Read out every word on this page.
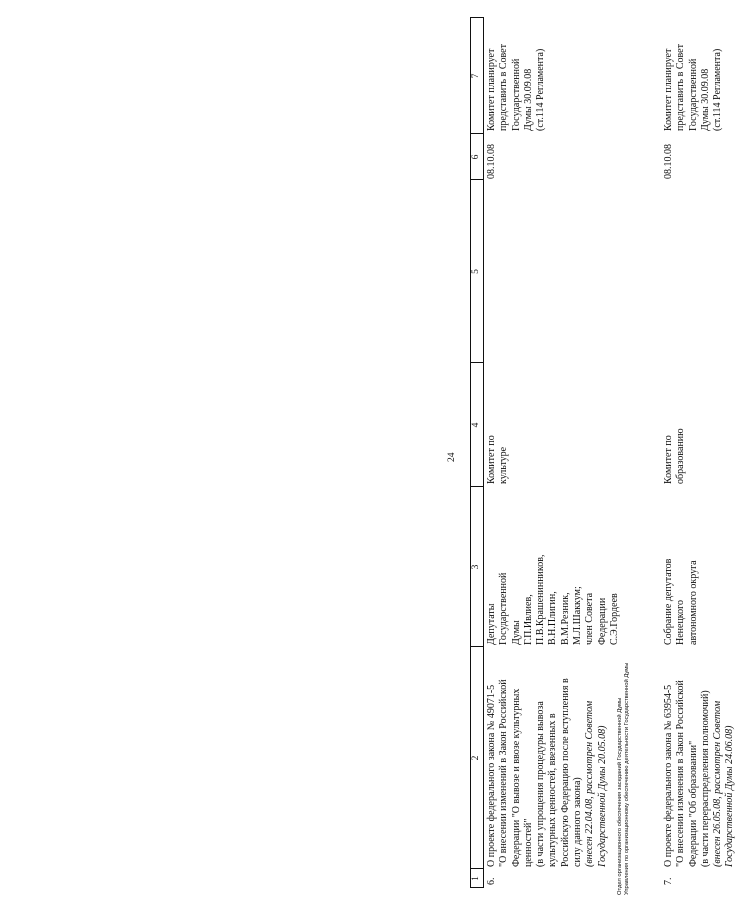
24
1
2
3
4
5
6
7
6.
О проекте федерального закона № 49071-5
"О внесении изменений в Закон Российской
Федерации "О вывозе и ввозе культурных
ценностей"
(в части упрощения процедуры вывоза
культурных ценностей, ввезенных в
Российскую Федерацию после вступления в
силу данного закона)
(внесен 22.04.08, рассмотрен Советом
Государственной Думы 20.05.08)
Депутаты
Государственной
Думы
Г.П.Ивлиев,
П.В.Крашенинников,
В.Н.Плигин,
В.М.Резник,
М.Л.Шаккум;
член Совета
Федерации
С.Э.Гордеев
Комитет по
культуре
08.10.08
Комитет планирует
представить в Совет
Государственной
Думы 30.09.08
(ст.114 Регламента)
7.
О проекте федерального закона № 63954-5
"О внесении изменения в Закон Российской
Федерации "Об образовании"
(в части перераспределения полномочий)
(внесен 26.05.08, рассмотрен Советом
Государственной Думы 24.06.08)
Собрание депутатов
Ненецкого
автономного округа
Комитет по
образованию
08.10.08
Комитет планирует
представить в Совет
Государственной
Думы 30.09.08
(ст.114 Регламента)
Отдел организационного обеспечения заседаний Государственной Думы Управления по организационному обеспечению деятельности Государственной Думы
